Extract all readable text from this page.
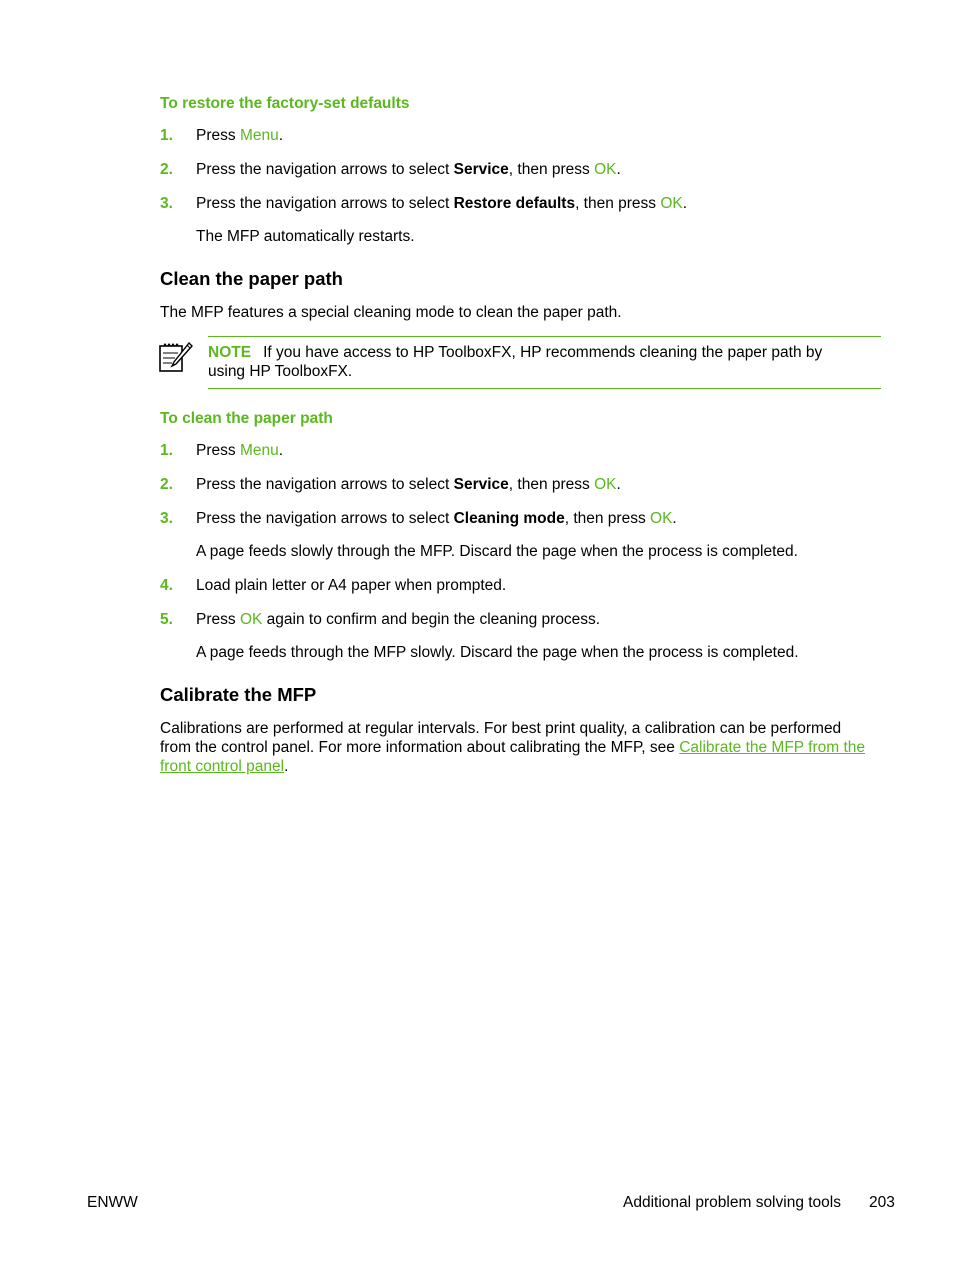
To restore the factory-set defaults
1. Press Menu.
2. Press the navigation arrows to select Service, then press OK.
3. Press the navigation arrows to select Restore defaults, then press OK.
The MFP automatically restarts.
Clean the paper path
The MFP features a special cleaning mode to clean the paper path.
NOTE If you have access to HP ToolboxFX, HP recommends cleaning the paper path by
using HP ToolboxFX.
To clean the paper path
1. Press Menu.
2. Press the navigation arrows to select Service, then press OK.
3. Press the navigation arrows to select Cleaning mode, then press OK.
A page feeds slowly through the MFP. Discard the page when the process is completed.
4. Load plain letter or A4 paper when prompted.
5. Press OK again to confirm and begin the cleaning process.
A page feeds through the MFP slowly. Discard the page when the process is completed.
Calibrate the MFP
Calibrations are performed at regular intervals. For best print quality, a calibration can be performed
from the control panel. For more information about calibrating the MFP, see Calibrate the MFP from the
front control panel.
ENWW	Additional problem solving tools 203
